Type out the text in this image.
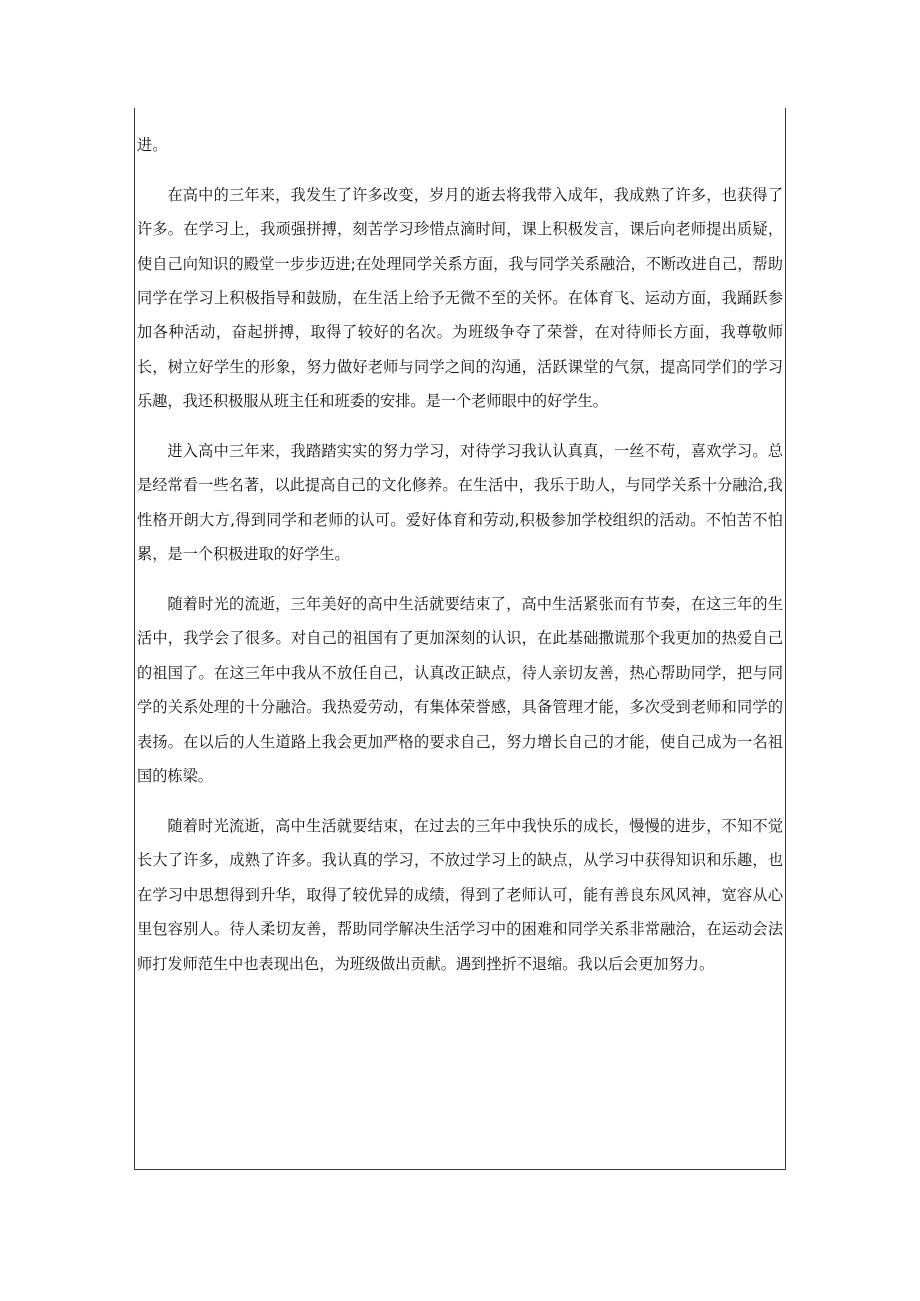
进。

在高中的三年来，我发生了许多改变，岁月的逝去将我带入成年，我成熟了许多，也获得了许多。在学习上，我顽强拼搏，刻苦学习珍惜点滴时间，课上积极发言，课后向老师提出质疑，使自己向知识的殿堂一步步迈进;在处理同学关系方面，我与同学关系融洽，不断改进自己，帮助同学在学习上积极指导和鼓励，在生活上给予无微不至的关怀。在体育飞、运动方面，我踊跃参加各种活动，奋起拼搏，取得了较好的名次。为班级争夺了荣誉，在对待师长方面，我尊敬师长，树立好学生的形象，努力做好老师与同学之间的沟通，活跃课堂的气氛，提高同学们的学习乐趣，我还积极服从班主任和班委的安排。是一个老师眼中的好学生。

进入高中三年来，我踏踏实实的努力学习，对待学习我认认真真，一丝不苟，喜欢学习。总是经常看一些名著，以此提高自己的文化修养。在生活中，我乐于助人，与同学关系十分融洽,我性格开朗大方,得到同学和老师的认可。爱好体育和劳动,积极参加学校组织的活动。不怕苦不怕累，是一个积极进取的好学生。

随着时光的流逝，三年美好的高中生活就要结束了，高中生活紧张而有节奏，在这三年的生活中，我学会了很多。对自己的祖国有了更加深刻的认识，在此基础撒谎那个我更加的热爱自己的祖国了。在这三年中我从不放任自己，认真改正缺点，待人亲切友善，热心帮助同学，把与同学的关系处理的十分融洽。我热爱劳动，有集体荣誉感，具备管理才能，多次受到老师和同学的表扬。在以后的人生道路上我会更加严格的要求自己，努力增长自己的才能，使自己成为一名祖国的栋梁。

随着时光流逝，高中生活就要结束，在过去的三年中我快乐的成长，慢慢的进步，不知不觉长大了许多，成熟了许多。我认真的学习，不放过学习上的缺点，从学习中获得知识和乐趣，也在学习中思想得到升华，取得了较优异的成绩，得到了老师认可，能有善良东风风神，宽容从心里包容别人。待人柔切友善，帮助同学解决生活学习中的困难和同学关系非常融洽，在运动会法师打发师范生中也表现出色，为班级做出贡献。遇到挫折不退缩。我以后会更加努力。
